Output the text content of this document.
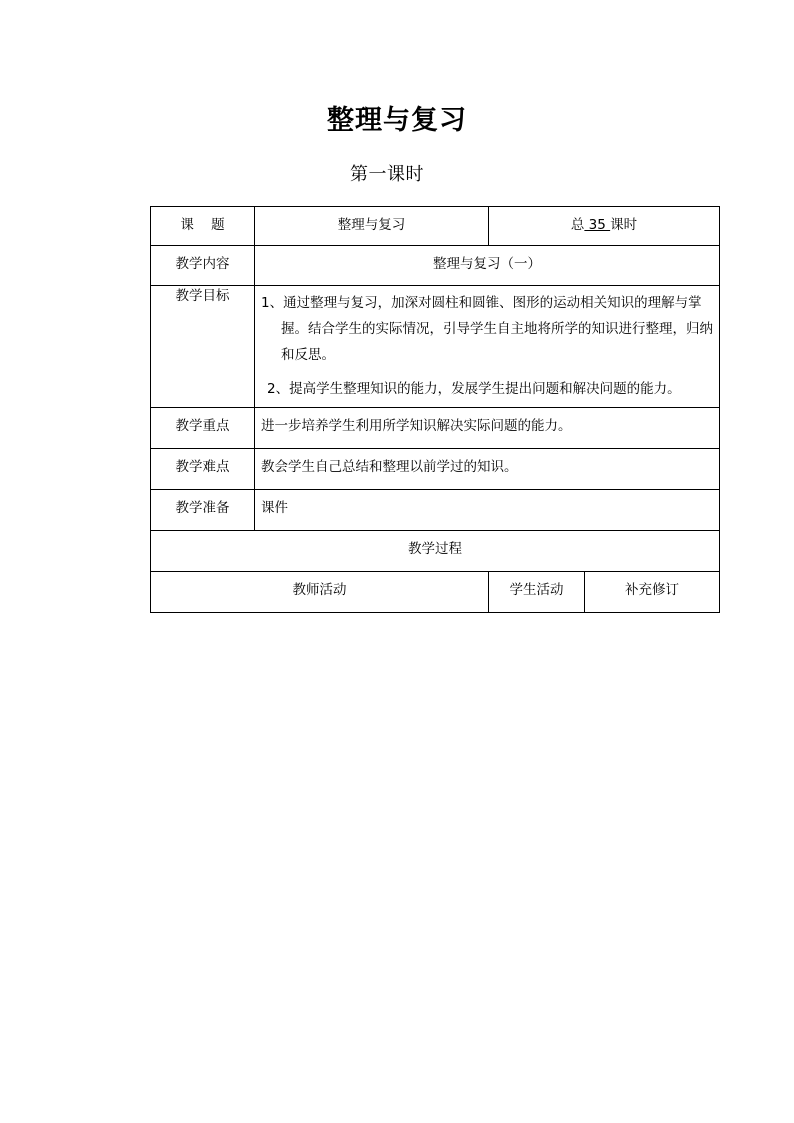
整理与复习
第一课时
课    题	整理与复习	总 35 课时	

教学内容	整理与复习（一）		

教学目标	1、通过整理与复习，加深对圆柱和圆锥、图形的运动相关知识的理解与掌握。结合学生的实际情况，引导学生自主地将所学的知识进行整理，归纳和反思。

2、提高学生整理知识的能力，发展学生提出问题和解决问题的能力。		

教学重点	进一步培养学生利用所学知识解决实际问题的能力。		

教学难点	教会学生自己总结和整理以前学过的知识。		

教学准备	课件		

教学过程			

教师活动		学生活动	补充修订
